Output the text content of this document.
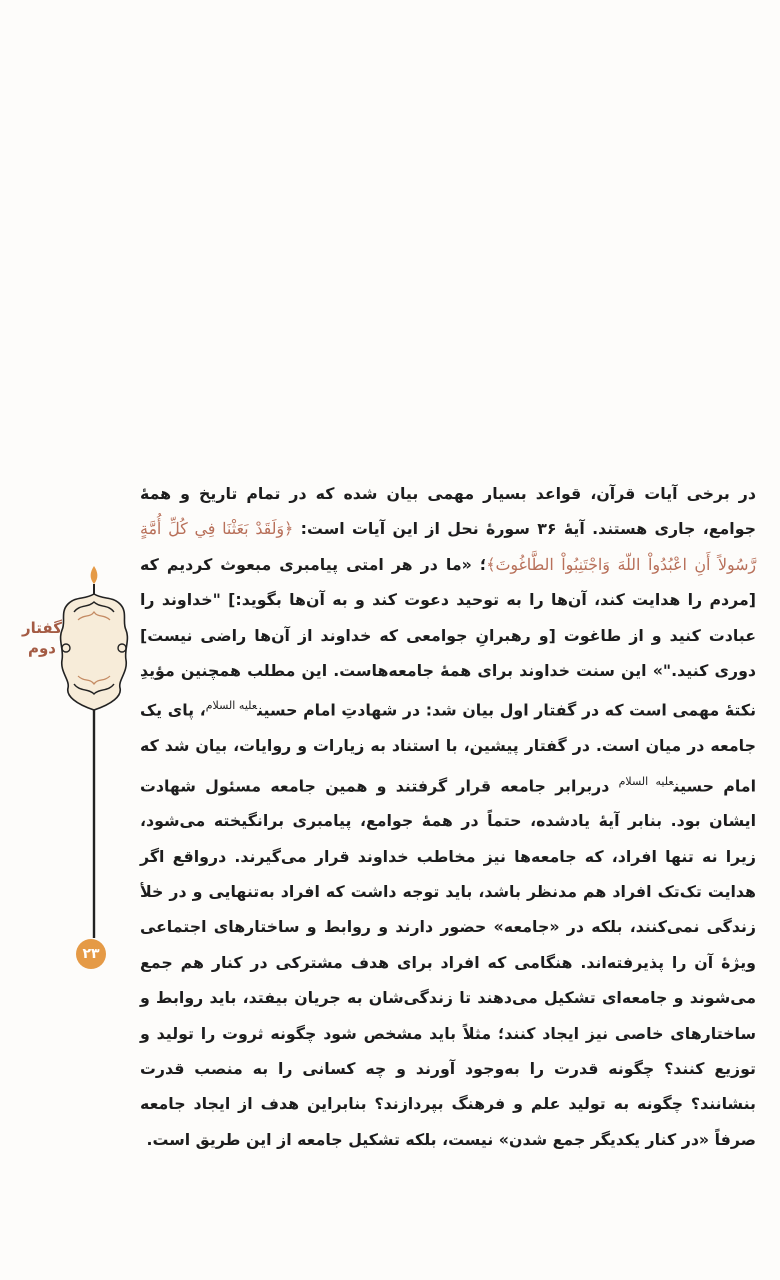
گفتار
دوم
۲۳
در برخی آیات قرآن، قواعد بسیار مهمی بیان شده که در تمام تاریخ و همهٔ جوامع، جاری هستند. آیهٔ ۳۶ سورهٔ نحل از این آیات است: ﴿وَلَقَدْ بَعَثْنَا فِي كُلِّ أُمَّةٍ رَّسُولاً أَنِ اعْبُدُواْ اللّهَ وَاجْتَنِبُواْ الطَّاغُوتَ﴾؛ «ما در هر امتی پیامبری مبعوث کردیم که [مردم را هدایت کند، آن‌ها را به توحید دعوت کند و به آن‌ها بگوید:] "خداوند را عبادت کنید و از طاغوت [و رهبرانِ جوامعی که خداوند از آن‌ها راضی نیست] دوری کنید."» این سنت خداوند برای همهٔ جامعه‌هاست. این مطلب همچنین مؤیدِ نکتهٔ مهمی است که در گفتار اول بیان شد: در شهادتِ امام حسین$^{علیه السلام}$، پای یک جامعه در میان است. در گفتار پیشین، با استناد به زیارات و روایات، بیان شد که امام حسین$^{علیه السلام}$ دربرابر جامعه قرار گرفتند و همین جامعه مسئول شهادت ایشان بود. بنابر آیهٔ یادشده، حتماً در همهٔ جوامع، پیامبری برانگیخته می‌شود، زیرا نه تنها افراد، که جامعه‌ها نیز مخاطب خداوند قرار می‌گیرند. درواقع اگر هدایت تک‌تک افراد هم مدنظر باشد، باید توجه داشت که افراد به‌تنهایی و در خلأ زندگی نمی‌کنند، بلکه در «جامعه» حضور دارند و روابط و ساختارهای اجتماعی ویژهٔ آن را پذیرفته‌اند. هنگامی که افراد برای هدف مشترکی در کنار هم جمع می‌شوند و جامعه‌ای تشکیل می‌دهند تا زندگی‌شان به جریان بیفتد، باید روابط و ساختارهای خاصی نیز ایجاد کنند؛ مثلاً باید مشخص شود چگونه ثروت را تولید و توزیع کنند؟ چگونه قدرت را به‌وجود آورند و چه کسانی را به منصب قدرت بنشانند؟ چگونه به تولید علم و فرهنگ بپردازند؟ بنابراین هدف از ایجاد جامعه صرفاً «در کنار یکدیگر جمع شدن» نیست، بلکه تشکیل جامعه از این طریق است.
